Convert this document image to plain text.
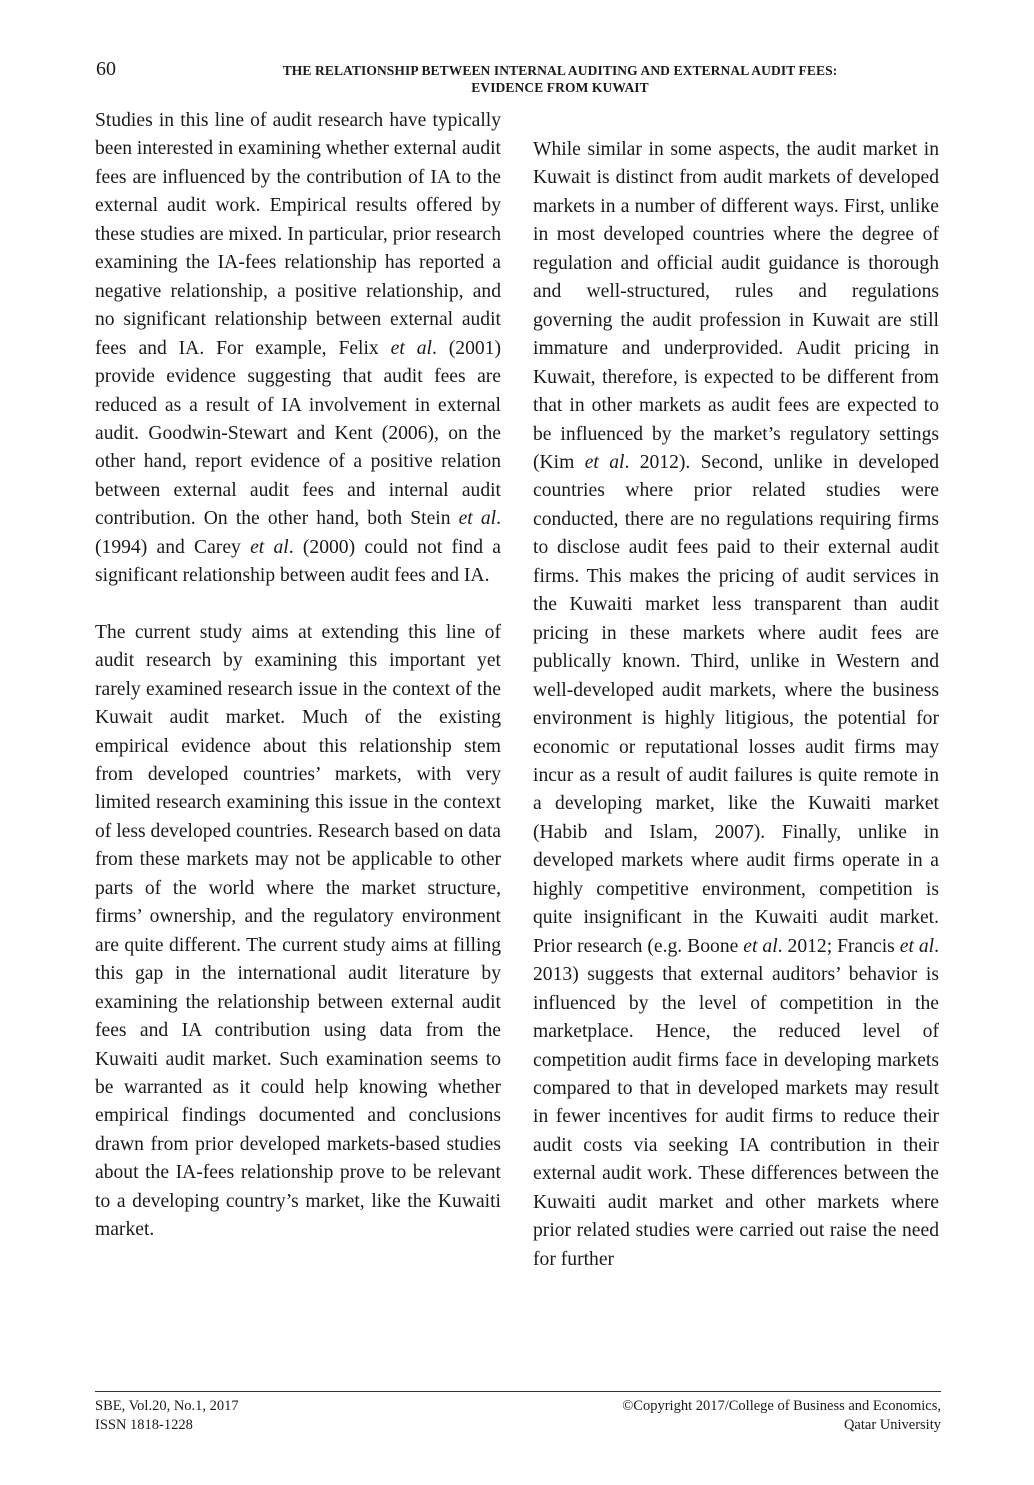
60	THE RELATIONSHIP BETWEEN INTERNAL AUDITING AND EXTERNAL AUDIT FEES:
EVIDENCE FROM KUWAIT

Studies in this line of audit research have typically been interested in examining whether external audit fees are influenced by the contribution of IA to the external audit work. Empirical results offered by these studies are mixed. In particular, prior research examining the IA-fees relationship has reported a negative relationship, a positive relationship, and no significant relationship between external audit fees and IA. For example, Felix et al. (2001) provide evidence suggesting that audit fees are reduced as a result of IA involvement in external audit. Goodwin-Stewart and Kent (2006), on the other hand, report evidence of a positive relation between external audit fees and internal audit contribution. On the other hand, both Stein et al. (1994) and Carey et al. (2000) could not find a significant relationship between audit fees and IA.

The current study aims at extending this line of audit research by examining this important yet rarely examined research issue in the context of the Kuwait audit market. Much of the existing empirical evidence about this relationship stem from developed countries’ markets, with very limited research examining this issue in the context of less developed countries. Research based on data from these markets may not be applicable to other parts of the world where the market structure, firms’ ownership, and the regulatory environment are quite different. The current study aims at filling this gap in the international audit literature by examining the relationship between external audit fees and IA contribution using data from the Kuwaiti audit market. Such examination seems to be warranted as it could help knowing whether empirical findings documented and conclusions drawn from prior developed markets-based studies about the IA-fees relationship prove to be relevant to a developing country’s market, like the Kuwaiti market.

While similar in some aspects, the audit market in Kuwait is distinct from audit markets of developed markets in a number of different ways. First, unlike in most developed countries where the degree of regulation and official audit guidance is thorough and well-structured, rules and regulations governing the audit profession in Kuwait are still immature and underprovided. Audit pricing in Kuwait, therefore, is expected to be different from that in other markets as audit fees are expected to be influenced by the market’s regulatory settings (Kim et al. 2012). Second, unlike in developed countries where prior related studies were conducted, there are no regulations requiring firms to disclose audit fees paid to their external audit firms. This makes the pricing of audit services in the Kuwaiti market less transparent than audit pricing in these markets where audit fees are publically known. Third, unlike in Western and well-developed audit markets, where the business environment is highly litigious, the potential for economic or reputational losses audit firms may incur as a result of audit failures is quite remote in a developing market, like the Kuwaiti market (Habib and Islam, 2007). Finally, unlike in developed markets where audit firms operate in a highly competitive environment, competition is quite insignificant in the Kuwaiti audit market. Prior research (e.g. Boone et al. 2012; Francis et al. 2013) suggests that external auditors’ behavior is influenced by the level of competition in the marketplace. Hence, the reduced level of competition audit firms face in developing markets compared to that in developed markets may result in fewer incentives for audit firms to reduce their audit costs via seeking IA contribution in their external audit work. These differences between the Kuwaiti audit market and other markets where prior related studies were carried out raise the need for further

SBE, Vol.20, No.1, 2017
ISSN 1818-1228
©Copyright 2017/College of Business and Economics,
Qatar University
